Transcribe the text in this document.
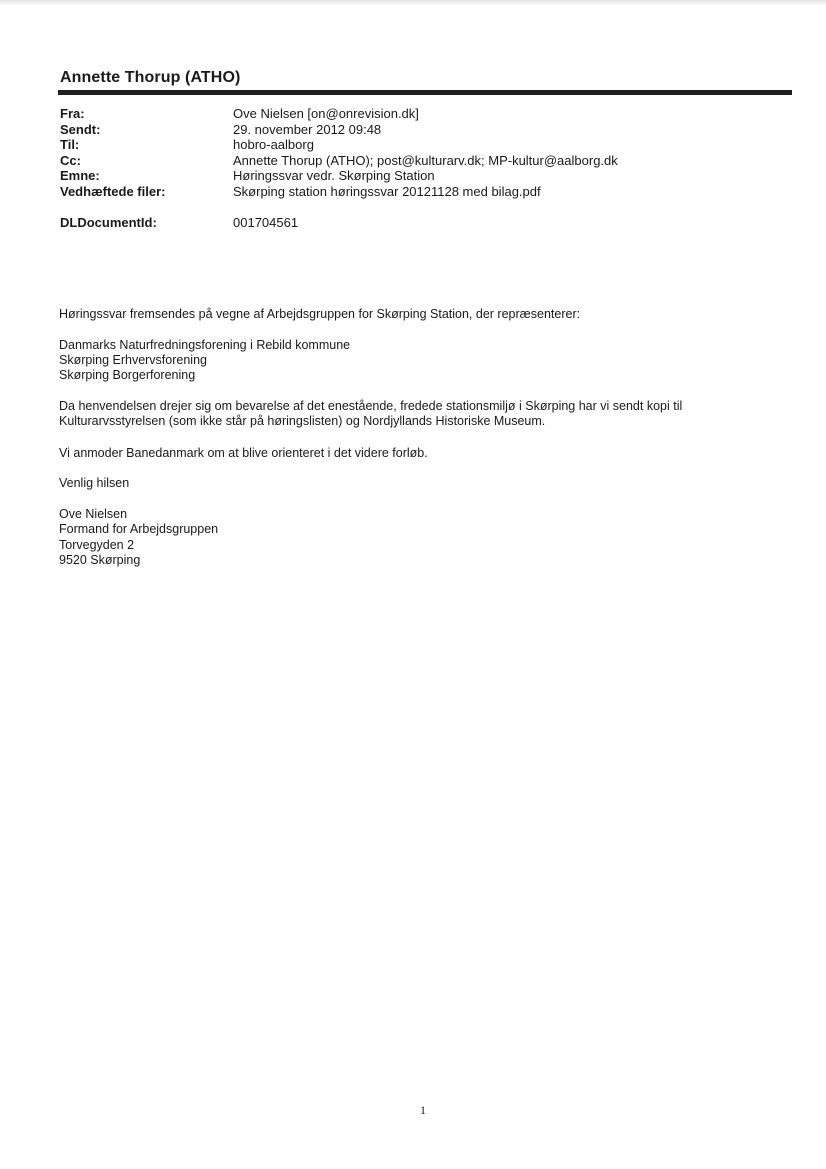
Annette Thorup (ATHO)
Fra:	Ove Nielsen [on@onrevision.dk]
Sendt:	29. november 2012 09:48
Til:	hobro-aalborg
Cc:	Annette Thorup (ATHO); post@kulturarv.dk; MP-kultur@aalborg.dk
Emne:	Høringssvar vedr. Skørping Station
Vedhæftede filer:	Skørping station høringssvar 20121128 med bilag.pdf
DLDocumentId:	001704561
Høringssvar fremsendes på vegne af Arbejdsgruppen for Skørping Station, der repræsenterer:
Danmarks Naturfredningsforening i Rebild kommune
Skørping Erhvervsforening
Skørping Borgerforening
Da henvendelsen drejer sig om bevarelse af det enestående, fredede stationsmiljø i Skørping har vi sendt kopi til
Kulturarvsstyrelsen (som ikke står på høringslisten) og Nordjyllands Historiske Museum.
Vi anmoder Banedanmark om at blive orienteret i det videre forløb.
Venlig hilsen
Ove Nielsen
Formand for Arbejdsgruppen
Torvegyden 2
9520 Skørping
1
